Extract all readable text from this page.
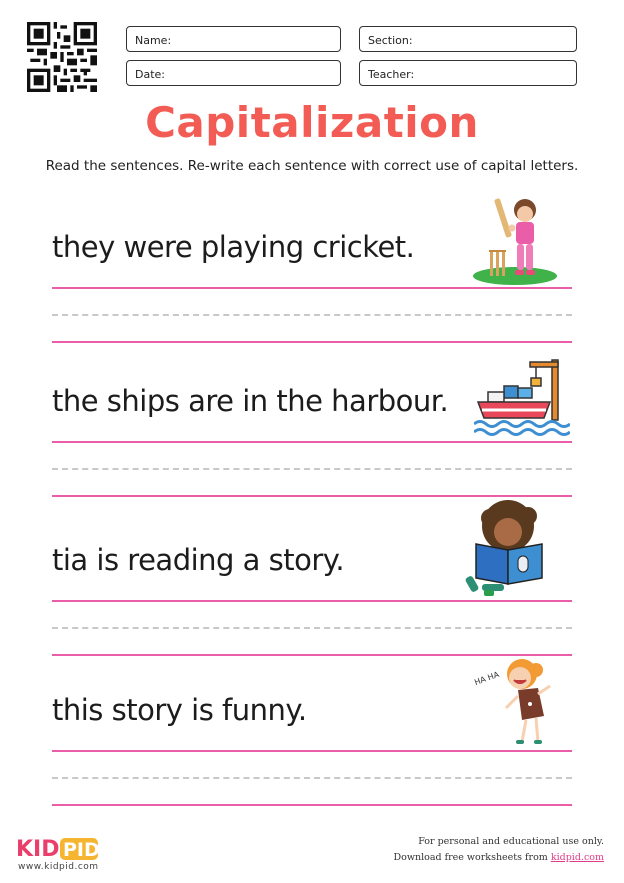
Name:	Section:
Date:	Teacher:
Capitalization
Read the sentences. Re-write each sentence with correct use of capital letters.
they were playing cricket.
the ships are in the harbour.
tia is reading a story.
this story is funny.
HA HA
KID PID
www.kidpid.com
For personal and educational use only.
Download free worksheets from kidpid.com
